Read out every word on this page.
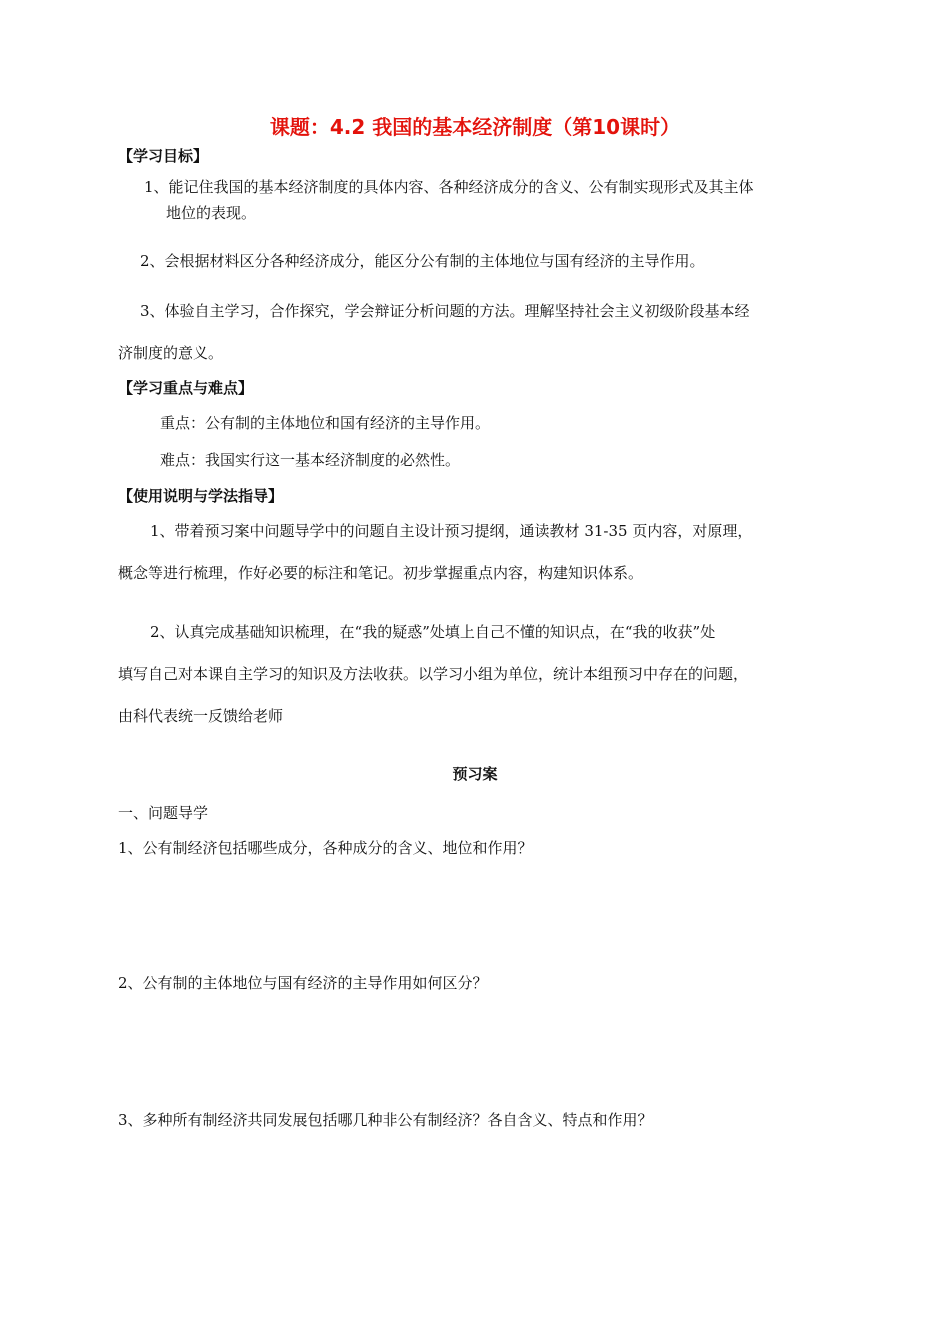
课题：4.2 我国的基本经济制度（第10课时）
【学习目标】
1、能记住我国的基本经济制度的具体内容、各种经济成分的含义、公有制实现形式及其主体
地位的表现。
2、会根据材料区分各种经济成分，能区分公有制的主体地位与国有经济的主导作用。
3、体验自主学习，合作探究，学会辩证分析问题的方法。理解坚持社会主义初级阶段基本经
济制度的意义。
【学习重点与难点】
重点：公有制的主体地位和国有经济的主导作用。
难点：我国实行这一基本经济制度的必然性。
【使用说明与学法指导】
1、带着预习案中问题导学中的问题自主设计预习提纲，通读教材 31-35 页内容，对原理，
概念等进行梳理，作好必要的标注和笔记。初步掌握重点内容，构建知识体系。
2、认真完成基础知识梳理，在“我的疑惑”处填上自己不懂的知识点，在“我的收获”处
填写自己对本课自主学习的知识及方法收获。以学习小组为单位，统计本组预习中存在的问题，
由科代表统一反馈给老师
预习案
一、问题导学
1、公有制经济包括哪些成分，各种成分的含义、地位和作用？
2、公有制的主体地位与国有经济的主导作用如何区分？
3、多种所有制经济共同发展包括哪几种非公有制经济？各自含义、特点和作用？
